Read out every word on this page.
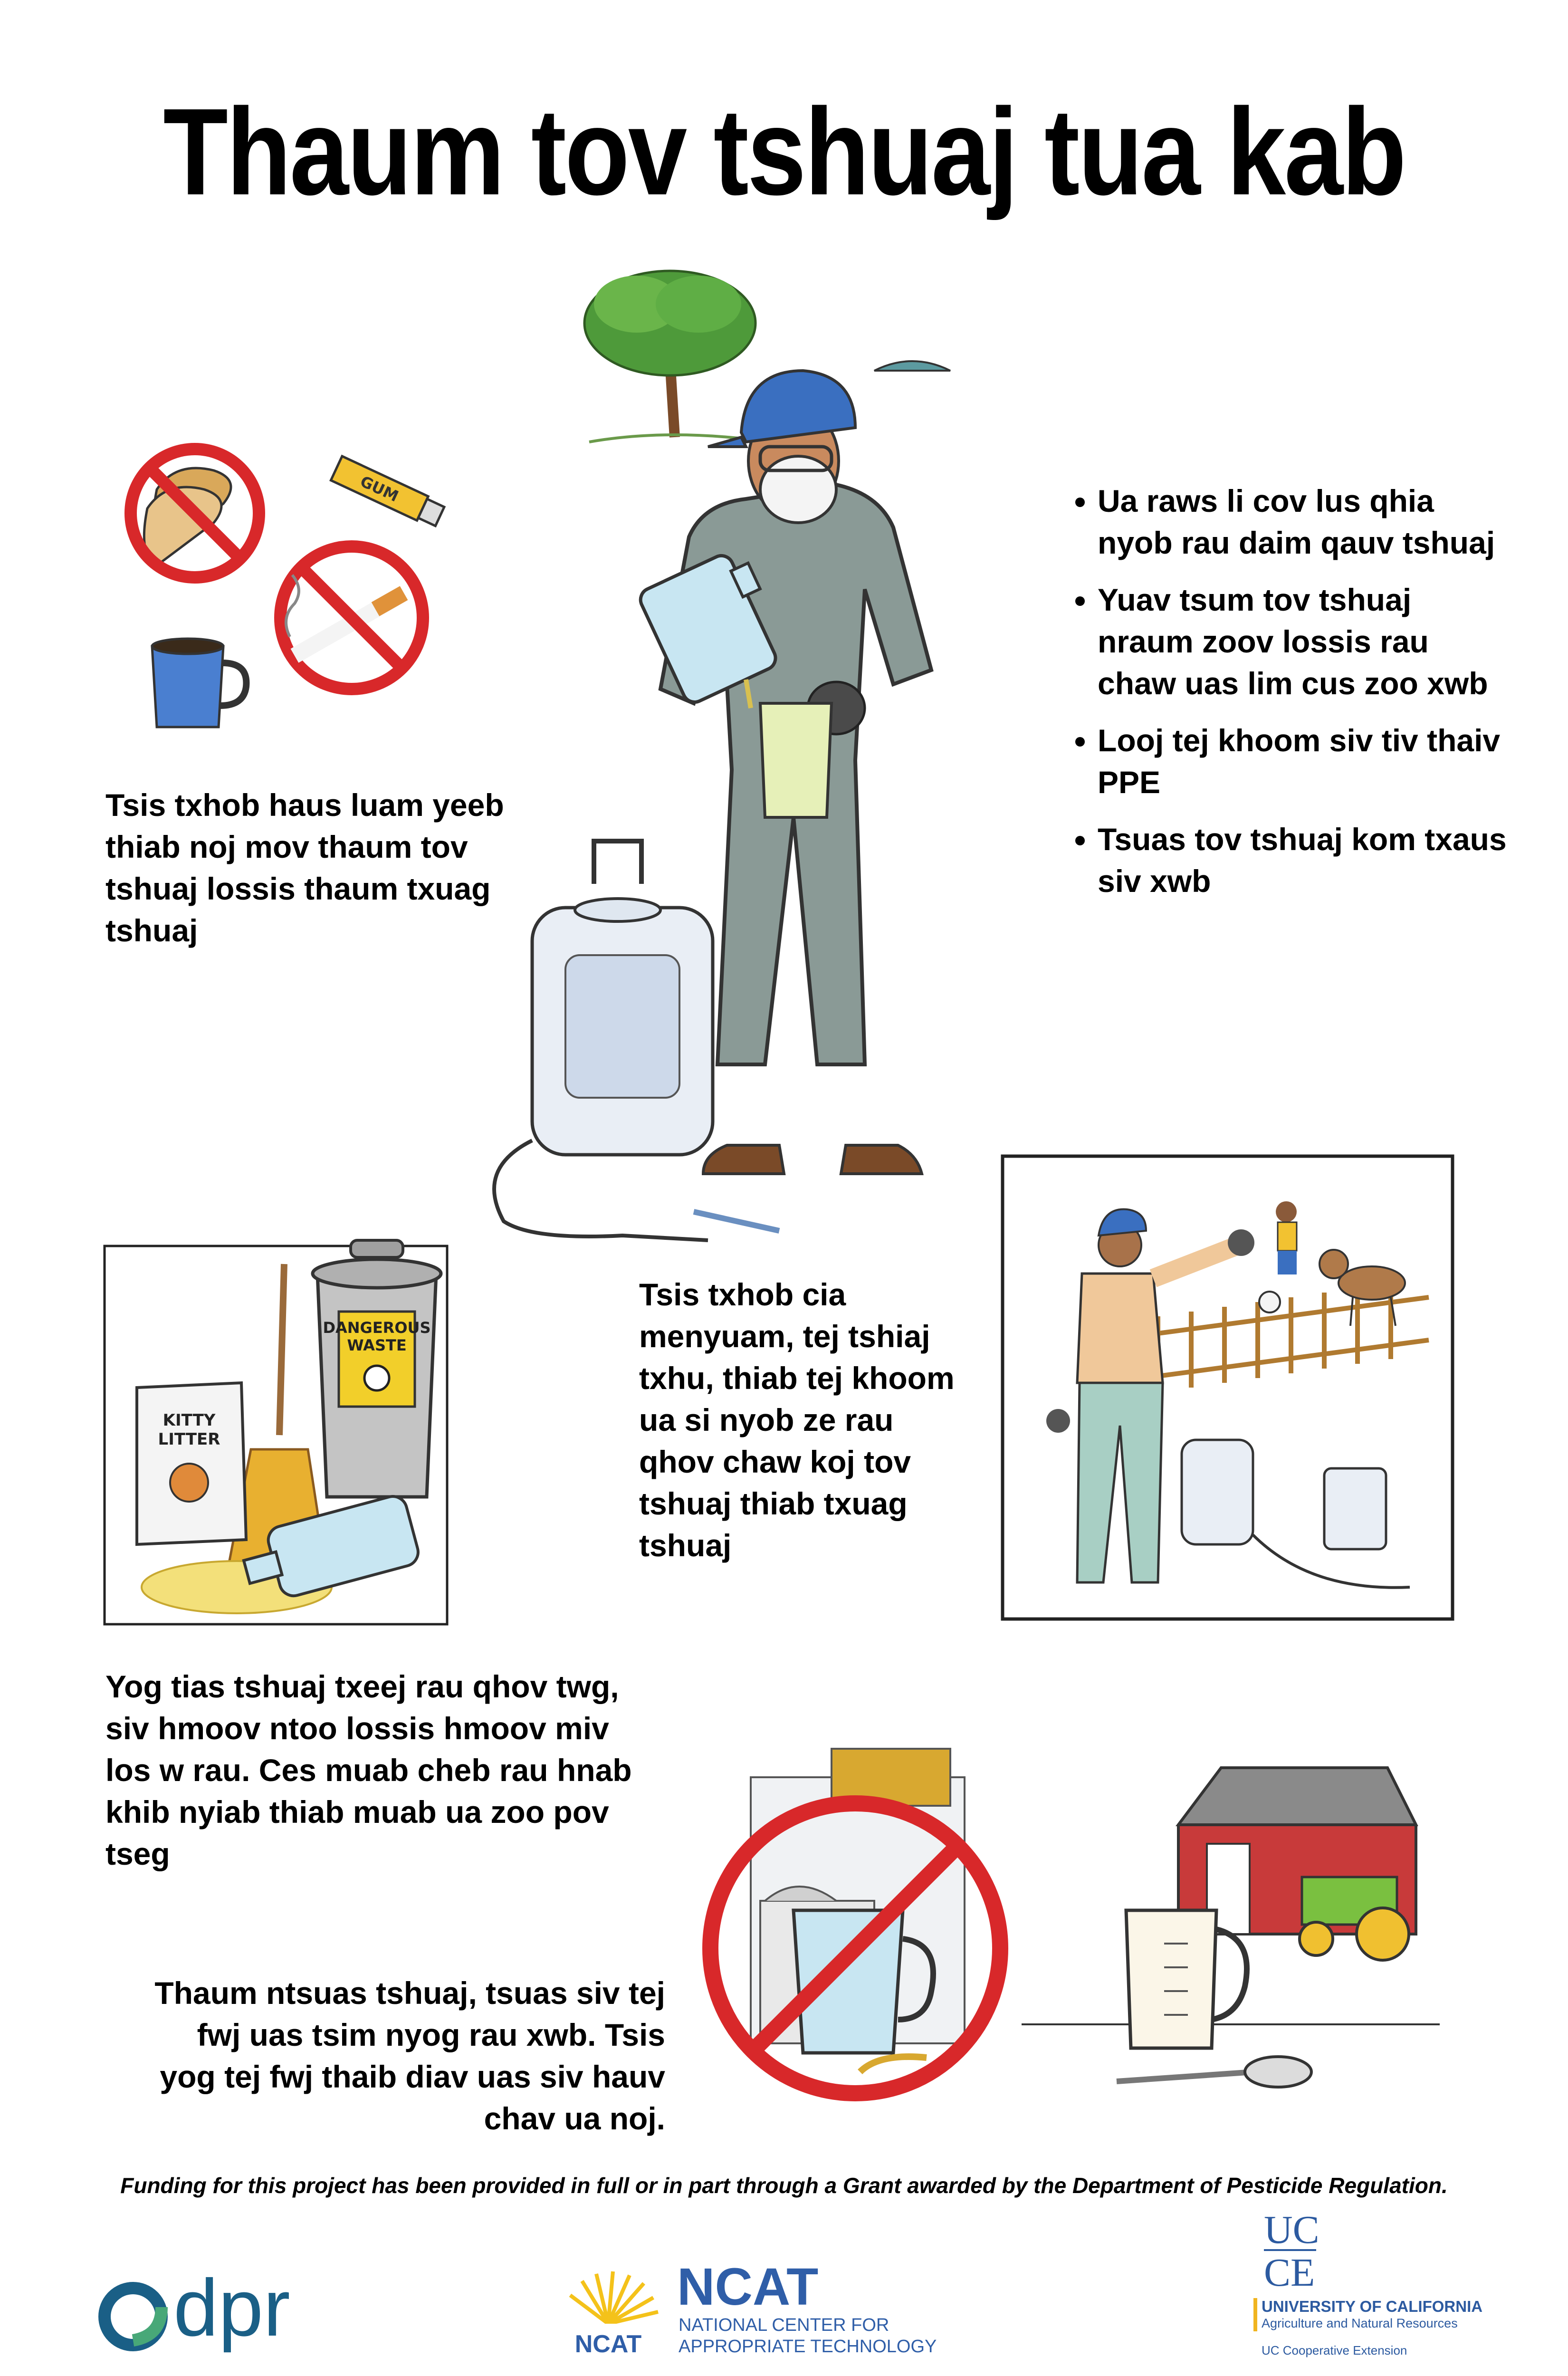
Thaum tov tshuaj tua kab
GUM
Tsis txhob haus luam yeeb thiab noj mov thaum tov tshuaj lossis thaum txuag tshuaj
• Ua raws li cov lus qhia nyob rau daim qauv tshuaj
• Yuav tsum tov tshuaj nraum zoov lossis rau chaw uas lim cus zoo xwb
• Looj tej khoom siv tiv thaiv PPE
• Tsuas tov tshuaj kom txaus siv xwb
DANGEROUS
WASTE
KITTY
LITTER
Tsis txhob cia menyuam, tej tshiaj txhu, thiab tej khoom ua si nyob ze rau qhov chaw koj tov tshuaj thiab txuag tshuaj
Yog tias tshuaj txeej rau qhov twg, siv hmoov ntoo lossis hmoov miv los w rau. Ces muab cheb rau hnab khib nyiab thiab muab ua zoo pov tseg
Thaum ntsuas tshuaj, tsuas siv tej fwj uas tsim nyog rau xwb. Tsis yog tej fwj thaib diav uas siv hauv chav ua noj.
Funding for this project has been provided in full or in part through a Grant awarded by the Department of Pesticide Regulation.
dpr	NCAT
NCAT
NATIONAL CENTER FOR
APPROPRIATE TECHNOLOGY
UC
CE
UNIVERSITY OF CALIFORNIA
Agriculture and Natural Resources
UC Cooperative Extension
